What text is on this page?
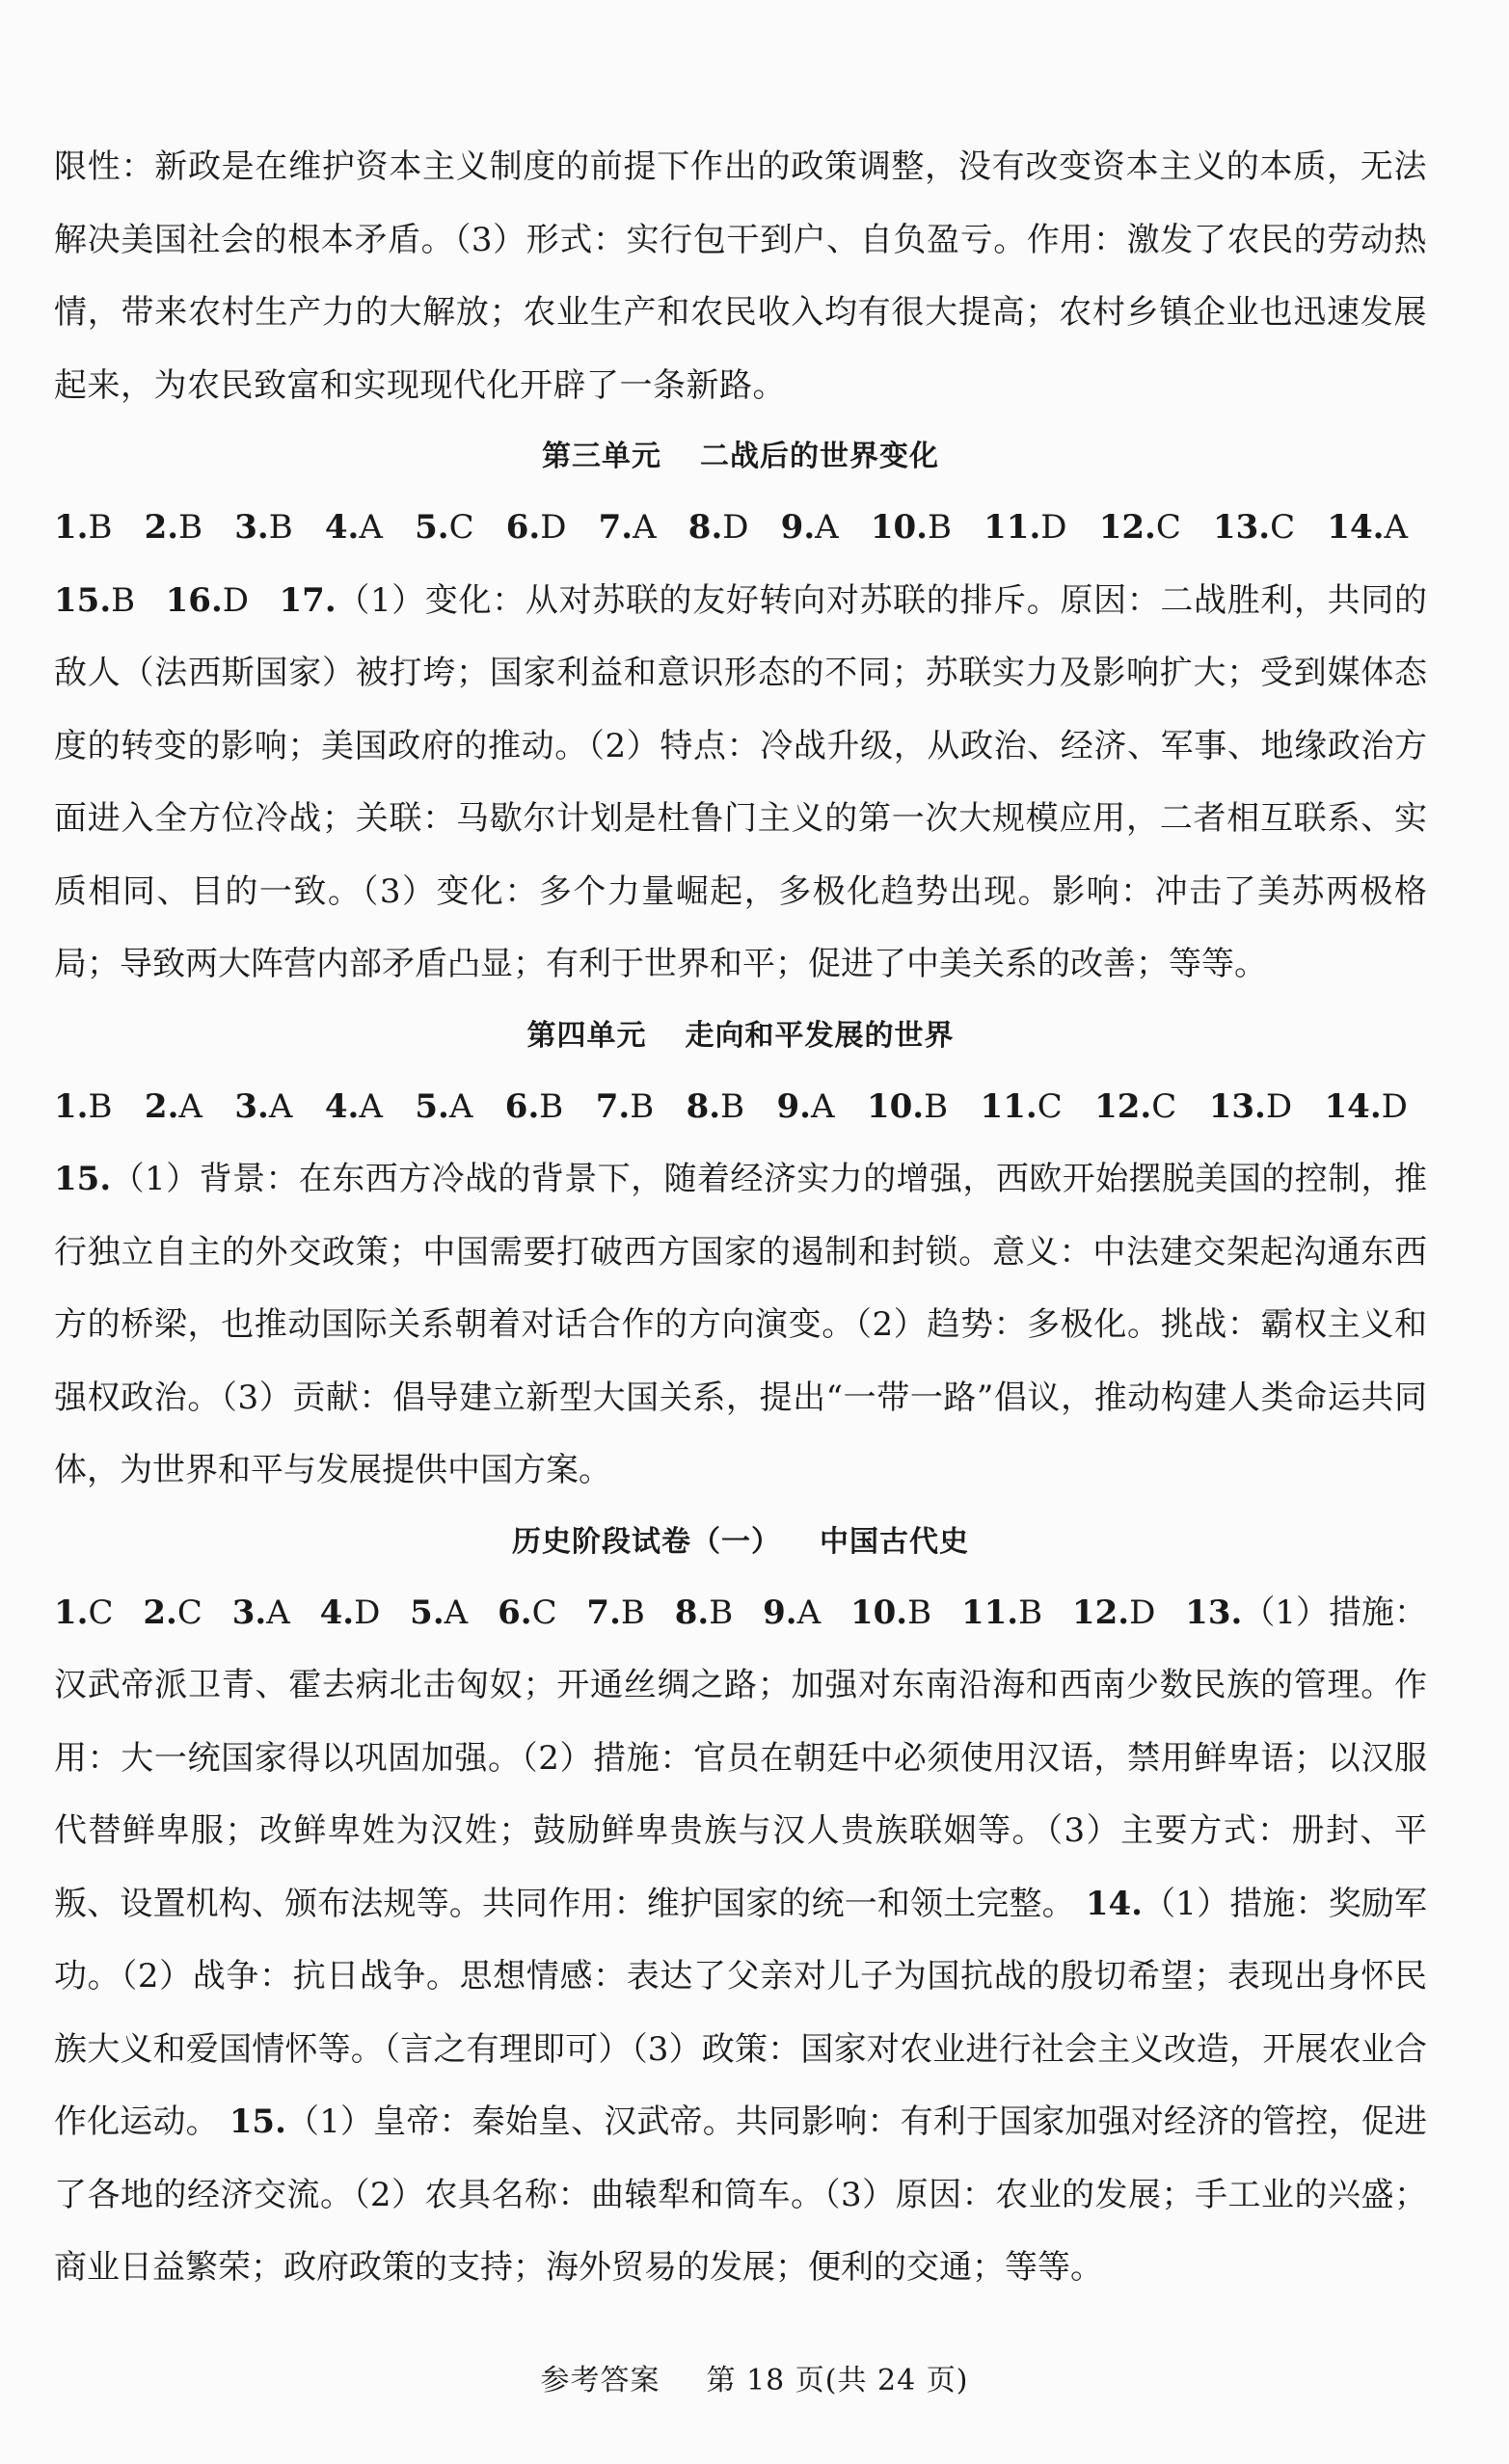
限性：新政是在维护资本主义制度的前提下作出的政策调整，没有改变资本主义的本质，无法解决美国社会的根本矛盾。（3）形式：实行包干到户、自负盈亏。作用：激发了农民的劳动热情，带来农村生产力的大解放；农业生产和农民收入均有很大提高；农村乡镇企业也迅速发展起来，为农民致富和实现现代化开辟了一条新路。

第三单元 二战后的世界变化

1.B 2.B 3.B 4.A 5.C 6.D 7.A 8.D 9.A 10.B 11.D 12.C 13.C 14.A 15.B 16.D 17.（1）变化：从对苏联的友好转向对苏联的排斥。原因：二战胜利，共同的敌人（法西斯国家）被打垮；国家利益和意识形态的不同；苏联实力及影响扩大；受到媒体态度的转变的影响；美国政府的推动。（2）特点：冷战升级，从政治、经济、军事、地缘政治方面进入全方位冷战；关联：马歇尔计划是杜鲁门主义的第一次大规模应用，二者相互联系、实质相同、目的一致。（3）变化：多个力量崛起，多极化趋势出现。影响：冲击了美苏两极格局；导致两大阵营内部矛盾凸显；有利于世界和平；促进了中美关系的改善；等等。

第四单元 走向和平发展的世界

1.B 2.A 3.A 4.A 5.A 6.B 7.B 8.B 9.A 10.B 11.C 12.C 13.D 14.D

15.（1）背景：在东西方冷战的背景下，随着经济实力的增强，西欧开始摆脱美国的控制，推行独立自主的外交政策；中国需要打破西方国家的遏制和封锁。意义：中法建交架起沟通东西方的桥梁，也推动国际关系朝着对话合作的方向演变。（2）趋势：多极化。挑战：霸权主义和强权政治。（3）贡献：倡导建立新型大国关系，提出“一带一路”倡议，推动构建人类命运共同体，为世界和平与发展提供中国方案。

历史阶段试卷（一） 中国古代史

1.C 2.C 3.A 4.D 5.A 6.C 7.B 8.B 9.A 10.B 11.B 12.D 13.（1）措施：汉武帝派卫青、霍去病北击匈奴；开通丝绸之路；加强对东南沿海和西南少数民族的管理。作用：大一统国家得以巩固加强。（2）措施：官员在朝廷中必须使用汉语，禁用鲜卑语；以汉服代替鲜卑服；改鲜卑姓为汉姓；鼓励鲜卑贵族与汉人贵族联姻等。（3）主要方式：册封、平叛、设置机构、颁布法规等。共同作用：维护国家的统一和领土完整。 14.（1）措施：奖励军功。（2）战争：抗日战争。思想情感：表达了父亲对儿子为国抗战的殷切希望；表现出身怀民族大义和爱国情怀等。（言之有理即可）（3）政策：国家对农业进行社会主义改造，开展农业合作化运动。 15.（1）皇帝：秦始皇、汉武帝。共同影响：有利于国家加强对经济的管控，促进了各地的经济交流。（2）农具名称：曲辕犁和筒车。（3）原因：农业的发展；手工业的兴盛；商业日益繁荣；政府政策的支持；海外贸易的发展；便利的交通；等等。

参考答案 第 18 页(共 24 页)
